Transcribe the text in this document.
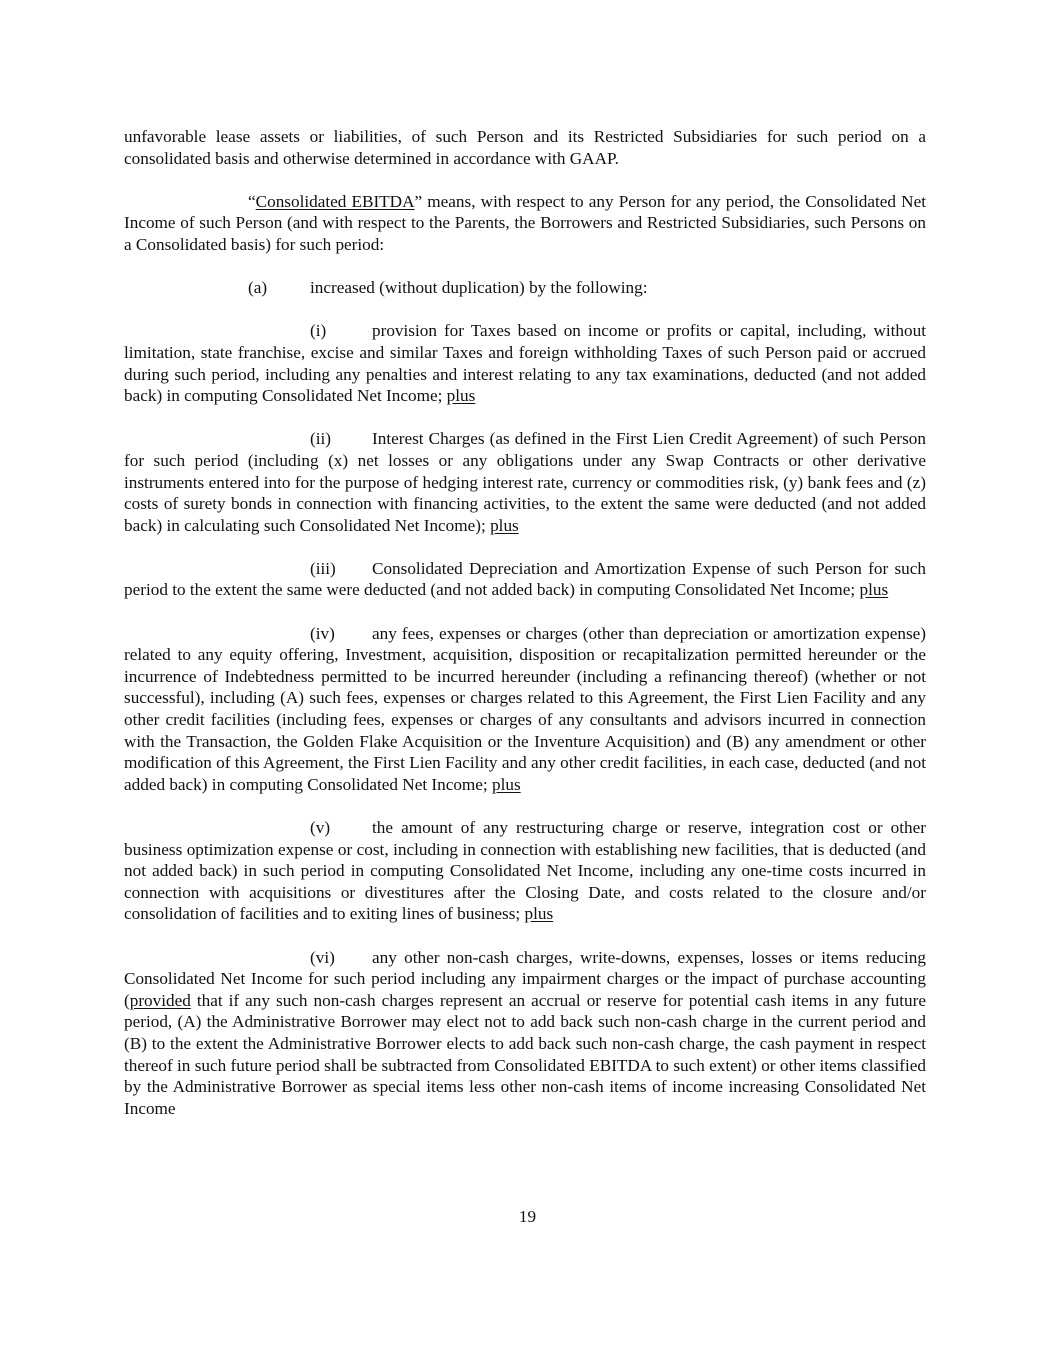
unfavorable lease assets or liabilities, of such Person and its Restricted Subsidiaries for such period on a consolidated basis and otherwise determined in accordance with GAAP.

“Consolidated EBITDA” means, with respect to any Person for any period, the Consolidated Net Income of such Person (and with respect to the Parents, the Borrowers and Restricted Subsidiaries, such Persons on a Consolidated basis) for such period:

(a) increased (without duplication) by the following:

(i)	provision for Taxes based on income or profits or capital, including, without limitation, state franchise, excise and similar Taxes and foreign withholding Taxes of such Person paid or accrued during such period, including any penalties and interest relating to any tax examinations, deducted (and not added back) in computing Consolidated Net Income; plus

(ii) Interest Charges (as defined in the First Lien Credit Agreement) of such Person for such period (including (x) net losses or any obligations under any Swap Contracts or other derivative instruments entered into for the purpose of hedging interest rate, currency or commodities risk, (y) bank fees and (z) costs of surety bonds in connection with financing activities, to the extent the same were deducted (and not added back) in calculating such Consolidated Net Income); plus

(iii) Consolidated Depreciation and Amortization Expense of such Person for such period to the extent the same were deducted (and not added back) in computing Consolidated Net Income; plus

(iv) any fees, expenses or charges (other than depreciation or amortization expense) related to any equity offering, Investment, acquisition, disposition or recapitalization permitted hereunder or the incurrence of Indebtedness permitted to be incurred hereunder (including a refinancing thereof) (whether or not successful), including (A) such fees, expenses or charges related to this Agreement, the First Lien Facility and any other credit facilities (including fees, expenses or charges of any consultants and advisors incurred in connection with the Transaction, the Golden Flake Acquisition or the Inventure Acquisition) and (B) any amendment or other modification of this Agreement, the First Lien Facility and any other credit facilities, in each case, deducted (and not added back) in computing Consolidated Net Income; plus

(v) the amount of any restructuring charge or reserve, integration cost or other business optimization expense or cost, including in connection with establishing new facilities, that is deducted (and not added back) in such period in computing Consolidated Net Income, including any one-time costs incurred in connection with acquisitions or divestitures after the Closing Date, and costs related to the closure and/or consolidation of facilities and to exiting lines of business; plus

(vi) any other non-cash charges, write-downs, expenses, losses or items reducing Consolidated Net Income for such period including any impairment charges or the impact of purchase accounting (provided that if any such non-cash charges represent an accrual or reserve for potential cash items in any future period, (A) the Administrative Borrower may elect not to add back such non-cash charge in the current period and (B) to the extent the Administrative Borrower elects to add back such non-cash charge, the cash payment in respect thereof in such future period shall be subtracted from Consolidated EBITDA to such extent) or other items classified by the Administrative Borrower as special items less other non-cash items of income increasing Consolidated Net Income

19
